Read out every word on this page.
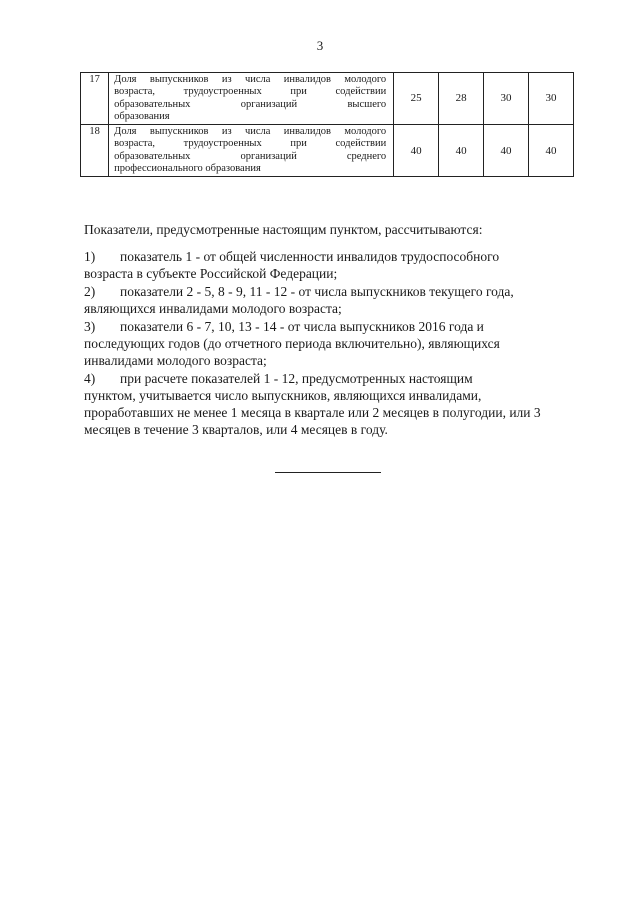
3
17	Доля выпускников из числа инвалидов молодого
возраста, трудоустроенных при содействии
образовательных организаций высшего
образования	25	28	30	30
18	Доля выпускников из числа инвалидов молодого
возраста, трудоустроенных при содействии
образовательных организаций среднего
профессионального образования	40	40	40	40
Показатели, предусмотренные настоящим пунктом, рассчитываются:
1) показатель 1 - от общей численности инвалидов трудоспособного
возраста в субъекте Российской Федерации;
2) показатели 2 - 5, 8 - 9, 11 - 12 - от числа выпускников текущего года,
являющихся инвалидами молодого возраста;
3) показатели 6 - 7, 10, 13 - 14 - от числа выпускников 2016 года и
последующих годов (до отчетного периода включительно), являющихся инвалидами молодого возраста;
4) при расчете показателей 1 - 12, предусмотренных настоящим
пунктом, учитывается число выпускников, являющихся инвалидами, проработавших не менее 1 месяца в квартале или 2 месяцев в полугодии, или 3 месяцев в течение 3 кварталов, или 4 месяцев в году.
